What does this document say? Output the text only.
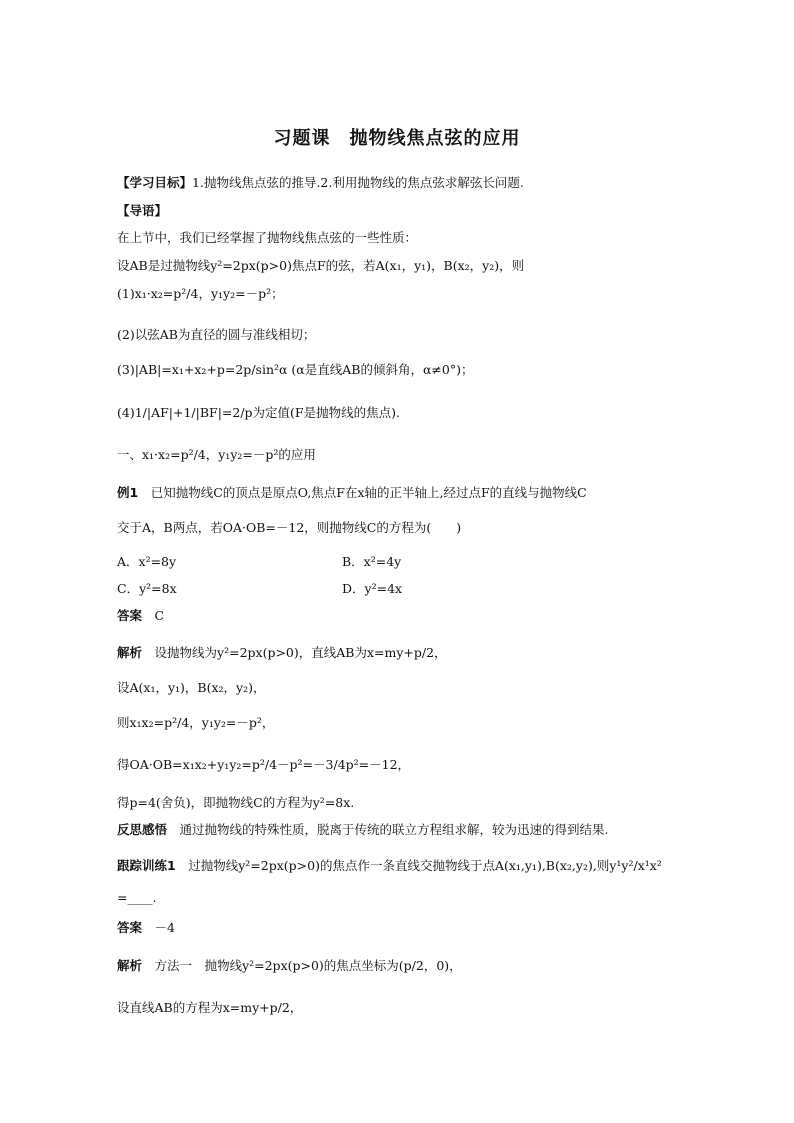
习题课　抛物线焦点弦的应用
【学习目标】1.抛物线焦点弦的推导.2.利用抛物线的焦点弦求解弦长问题.
【导语】
在上节中，我们已经掌握了抛物线焦点弦的一些性质：
设AB是过抛物线y²=2px(p>0)焦点F的弦，若A(x₁，y₁)，B(x₂，y₂)，则
(1)x₁·x₂=p²/4，y₁y₂=－p²；
(2)以弦AB为直径的圆与准线相切；
(3)|AB|=x₁+x₂+p=2p/sin²α (α是直线AB的倾斜角，α≠0°)；
(4)1/|AF|+1/|BF|=2/p为定值(F是抛物线的焦点).
一、x₁·x₂=p²/4，y₁y₂=－p²的应用
例1　 已知抛物线C的顶点是原点O,焦点F在x轴的正半轴上,经过点F的直线与抛物线C
交于A，B两点，若OA·OB=－12，则抛物线C的方程为(　　)
A．x²=8y	B．x²=4y
C．y²=8x	D．y²=4x
答案　 C
解析　 设抛物线为y²=2px(p>0)，直线AB为x=my+p/2，
设A(x₁，y₁)，B(x₂，y₂)，
则x₁x₂=p²/4，y₁y₂=－p²，
得OA·OB=x₁x₂+y₁y₂=p²/4－p²=－3/4p²=－12，
得p=4(舍负)，即抛物线C的方程为y²=8x.
反思感悟　 通过抛物线的特殊性质，脱离于传统的联立方程组求解，较为迅速的得到结果.
跟踪训练1　 过抛物线y²=2px(p>0)的焦点作一条直线交抛物线于点A(x₁,y₁),B(x₂,y₂),则y¹y²/x¹x²
=____.
答案　 －4
解析　 方法一　 抛物线y²=2px(p>0)的焦点坐标为(p/2，0)，
设直线AB的方程为x=my+p/2，
